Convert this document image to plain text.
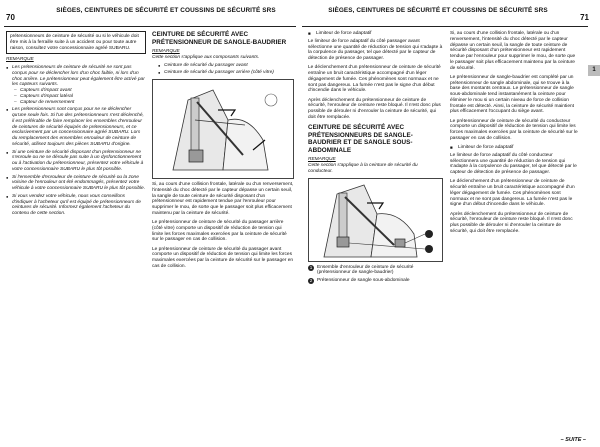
70
SIÈGES, CEINTURES DE SÉCURITÉ ET COUSSINS DE SÉCURITÉ SRS

prétensionneurs de ceinture de sécurité ou si le véhicule doit être mis à la ferraille suite à un accident ou pour toute autre raison, consultez votre concessionnaire agréé SUBARU.

REMARQUE
● Les prétensionneurs de ceinture de sécurité ne sont pas conçus pour se déclencher lors d'un choc faible, ni lors d'un choc arrière. Le prétensionneur peut également être activé par les capteurs suivants.
– Capteurs d'impact avant
– Capteurs d'impact latéral
– Capteur de renversement
● Les prétensionneurs sont conçus pour ne se déclencher qu'une seule fois. Si l'un des prétensionneurs s'est déclenché, il est préférable de faire remplacer les ensembles d'enrouleur de ceintures de sécurité équipés de prétensionneurs, et ce exclusivement par un concessionnaire agréé SUBARU. Lors du remplacement des ensembles enrouleur de ceinture de sécurité, utilisez toujours des pièces SUBARU d'origine.
● Si une ceinture de sécurité disposant d'un prétensionneur ne s'enroule ou ne se déroule pas suite à un dysfonctionnement ou à l'activation du prétensionneur, présentez votre véhicule à votre concessionnaire SUBARU le plus tôt possible.
● Si l'ensemble d'enrouleur de ceinture de sécurité ou la zone voisine de l'enrouleur ont été endommagés, présentez votre véhicule à votre concessionnaire SUBARU le plus tôt possible.
● Si vous vendez votre véhicule, nous vous conseillons d'indiquer à l'acheteur qu'il est équipé de prétensionneurs de ceintures de sécurité. Informez également l'acheteur du contenu de cette section.
CEINTURE DE SÉCURITÉ AVEC PRÉTENSIONNEUR DE SANGLE-BAUDRIER
REMARQUE
Cette section s'applique aux composants suivants.
● Ceinture de sécurité du passager avant
● Ceinture de sécurité du passager arrière (côté vitre)

Si, au cours d'une collision frontale, latérale ou d'un renversement, l'intensité du choc détecté par le capteur dépasse un certain seuil, la sangle de toute ceinture de sécurité disposant d'un prétensionneur est rapidement tendue par l'enrouleur pour supprimer le mou, de sorte que le passager soit plus efficacement maintenu par la ceinture de sécurité.

Le prétensionneur de ceinture de sécurité du passager arrière (côté vitre) comporte un dispositif de réduction de tension qui limite les forces maximales exercées par la ceinture de sécurité sur le passager en cas de collision.

Le prétensionneur de ceinture de sécurité du passager avant comporte un dispositif de réduction de tension qui limite les forces maximales exercées par la ceinture de sécurité sur le passager en cas de collision.

71
SIÈGES, CEINTURES DE SÉCURITÉ ET COUSSINS DE SÉCURITÉ SRS
1
■ Limiteur de force adaptatif

Le limiteur de force adaptatif du côté passager avant sélectionne une quantité de réduction de tension qui s'adapte à la corpulence du passager, tel que détecté par le capteur de détection de présence de passager.

Le déclenchement d'un prétensionneur de ceinture de sécurité entraîne un bruit caractéristique accompagné d'un léger dégagement de fumée. Ces phénomènes sont normaux et ne sont pas dangereux. La fumée n'est pas le signe d'un début d'incendie dans le véhicule.

Après déclenchement du prétensionneur de ceinture de sécurité, l'enrouleur de ceinture reste bloqué. Il n'est donc plus possible de dérouler ni d'enrouler la ceinture de sécurité, qui doit être remplacée.

CEINTURE DE SÉCURITÉ AVEC PRÉTENSIONNEURS DE SANGLE-BAUDRIER ET DE SANGLE SOUS-ABDOMINALE
REMARQUE
Cette section s'applique à la ceinture de sécurité du conducteur.
1 Ensemble d'enrouleur de ceinture de sécurité (prétensionneur de sangle-baudrier)
2 Prétensionneur de sangle sous-abdominale

Si, au cours d'une collision frontale, latérale ou d'un renversement, l'intensité du choc détecté par le capteur dépasse un certain seuil, la sangle de toute ceinture de sécurité disposant d'un prétensionneur est rapidement tendue par l'enrouleur pour supprimer le mou, de sorte que le passager soit plus efficacement maintenu par la ceinture de sécurité.

Le prétensionneur de sangle-baudrier est complété par un prétensionneur de sangle abdominale, qui se trouve à la base des montants centraux. Le prétensionneur de sangle sous-abdominale tend instantanément la ceinture pour éliminer le mou si un certain niveau de force de collision frontale est détecté. Ainsi, la ceinture de sécurité maintient plus efficacement l'occupant du siège avant.

Le prétensionneur de ceinture de sécurité du conducteur comporte un dispositif de réduction de tension qui limite les forces maximales exercées par la ceinture de sécurité sur le passager en cas de collision.

■ Limiteur de force adaptatif

Le limiteur de force adaptatif du côté conducteur sélectionnera une quantité de réduction de tension qui s'adapte à la corpulence du passager, tel que détecté par le capteur de détection de présence de passager.

Le déclenchement d'un prétensionneur de ceinture de sécurité entraîne un bruit caractéristique accompagné d'un léger dégagement de fumée. Ces phénomènes sont normaux et ne sont pas dangereux. La fumée n'est pas le signe d'un début d'incendie dans le véhicule.

Après déclenchement du prétensionneur de ceinture de sécurité, l'enrouleur de ceinture reste bloqué. Il n'est donc plus possible de dérouler ni d'enrouler la ceinture de sécurité, qui doit être remplacée.

– SUITE –
